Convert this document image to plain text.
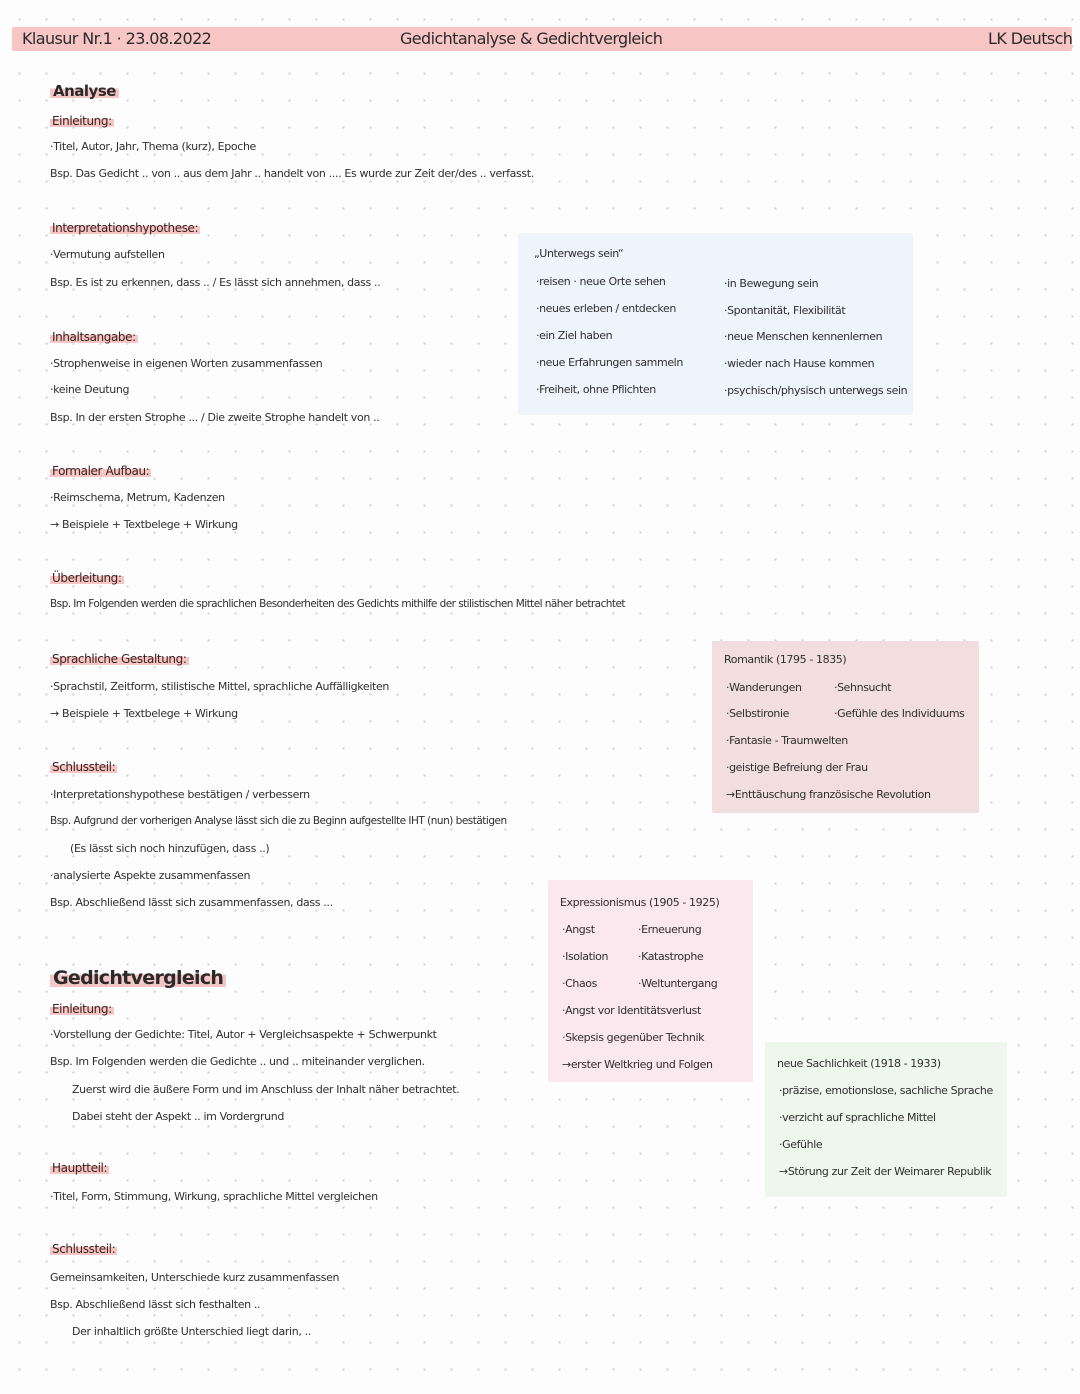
Klausur Nr.1 · 23.08.2022	Gedichtanalyse & Gedichtvergleich	LK Deutsch
Analyse
Einleitung:
·Titel, Autor, Jahr, Thema (kurz), Epoche
Bsp. Das Gedicht .. von .. aus dem Jahr .. handelt von .... Es wurde zur Zeit der/des .. verfasst.
Interpretationshypothese:
·Vermutung aufstellen
Bsp. Es ist zu erkennen, dass .. / Es lässt sich annehmen, dass ..
Inhaltsangabe:
·Strophenweise in eigenen Worten zusammenfassen
·keine Deutung
Bsp. In der ersten Strophe ... / Die zweite Strophe handelt von ..
Formaler Aufbau:
·Reimschema, Metrum, Kadenzen
→ Beispiele + Textbelege + Wirkung
Überleitung:
Bsp. Im Folgenden werden die sprachlichen Besonderheiten des Gedichts mithilfe der stilistischen Mittel näher betrachtet
Sprachliche Gestaltung:
·Sprachstil, Zeitform, stilistische Mittel, sprachliche Auffälligkeiten
→ Beispiele + Textbelege + Wirkung
Schlussteil:
·Interpretationshypothese bestätigen / verbessern
Bsp. Aufgrund der vorherigen Analyse lässt sich die zu Beginn aufgestellte IHT (nun) bestätigen
(Es lässt sich noch hinzufügen, dass ..)
·analysierte Aspekte zusammenfassen
Bsp. Abschließend lässt sich zusammenfassen, dass ...
Gedichtvergleich
Einleitung:
·Vorstellung der Gedichte: Titel, Autor + Vergleichsaspekte + Schwerpunkt
Bsp. Im Folgenden werden die Gedichte .. und .. miteinander verglichen.
Zuerst wird die äußere Form und im Anschluss der Inhalt näher betrachtet.
Dabei steht der Aspekt .. im Vordergrund
Hauptteil:
·Titel, Form, Stimmung, Wirkung, sprachliche Mittel vergleichen
Schlussteil:
Gemeinsamkeiten, Unterschiede kurz zusammenfassen
Bsp. Abschließend lässt sich festhalten ..
Der inhaltlich größte Unterschied liegt darin, ..
„Unterwegs sein“
·reisen · neue Orte sehen
·neues erleben / entdecken
·ein Ziel haben
·neue Erfahrungen sammeln
·Freiheit, ohne Pflichten
·in Bewegung sein
·Spontanität, Flexibilität
·neue Menschen kennenlernen
·wieder nach Hause kommen
·psychisch/physisch unterwegs sein
Romantik (1795 - 1835)
·Wanderungen
·Selbstironie
·Fantasie - Traumwelten
·geistige Befreiung der Frau
→Enttäuschung französische Revolution
·Sehnsucht
·Gefühle des Individuums
Expressionismus (1905 - 1925)
·Angst
·Isolation
·Chaos
·Angst vor Identitätsverlust
·Skepsis gegenüber Technik
→erster Weltkrieg und Folgen
·Erneuerung
·Katastrophe
·Weltuntergang
neue Sachlichkeit (1918 - 1933)
·präzise, emotionslose, sachliche Sprache
·verzicht auf sprachliche Mittel
·Gefühle
→Störung zur Zeit der Weimarer Republik
